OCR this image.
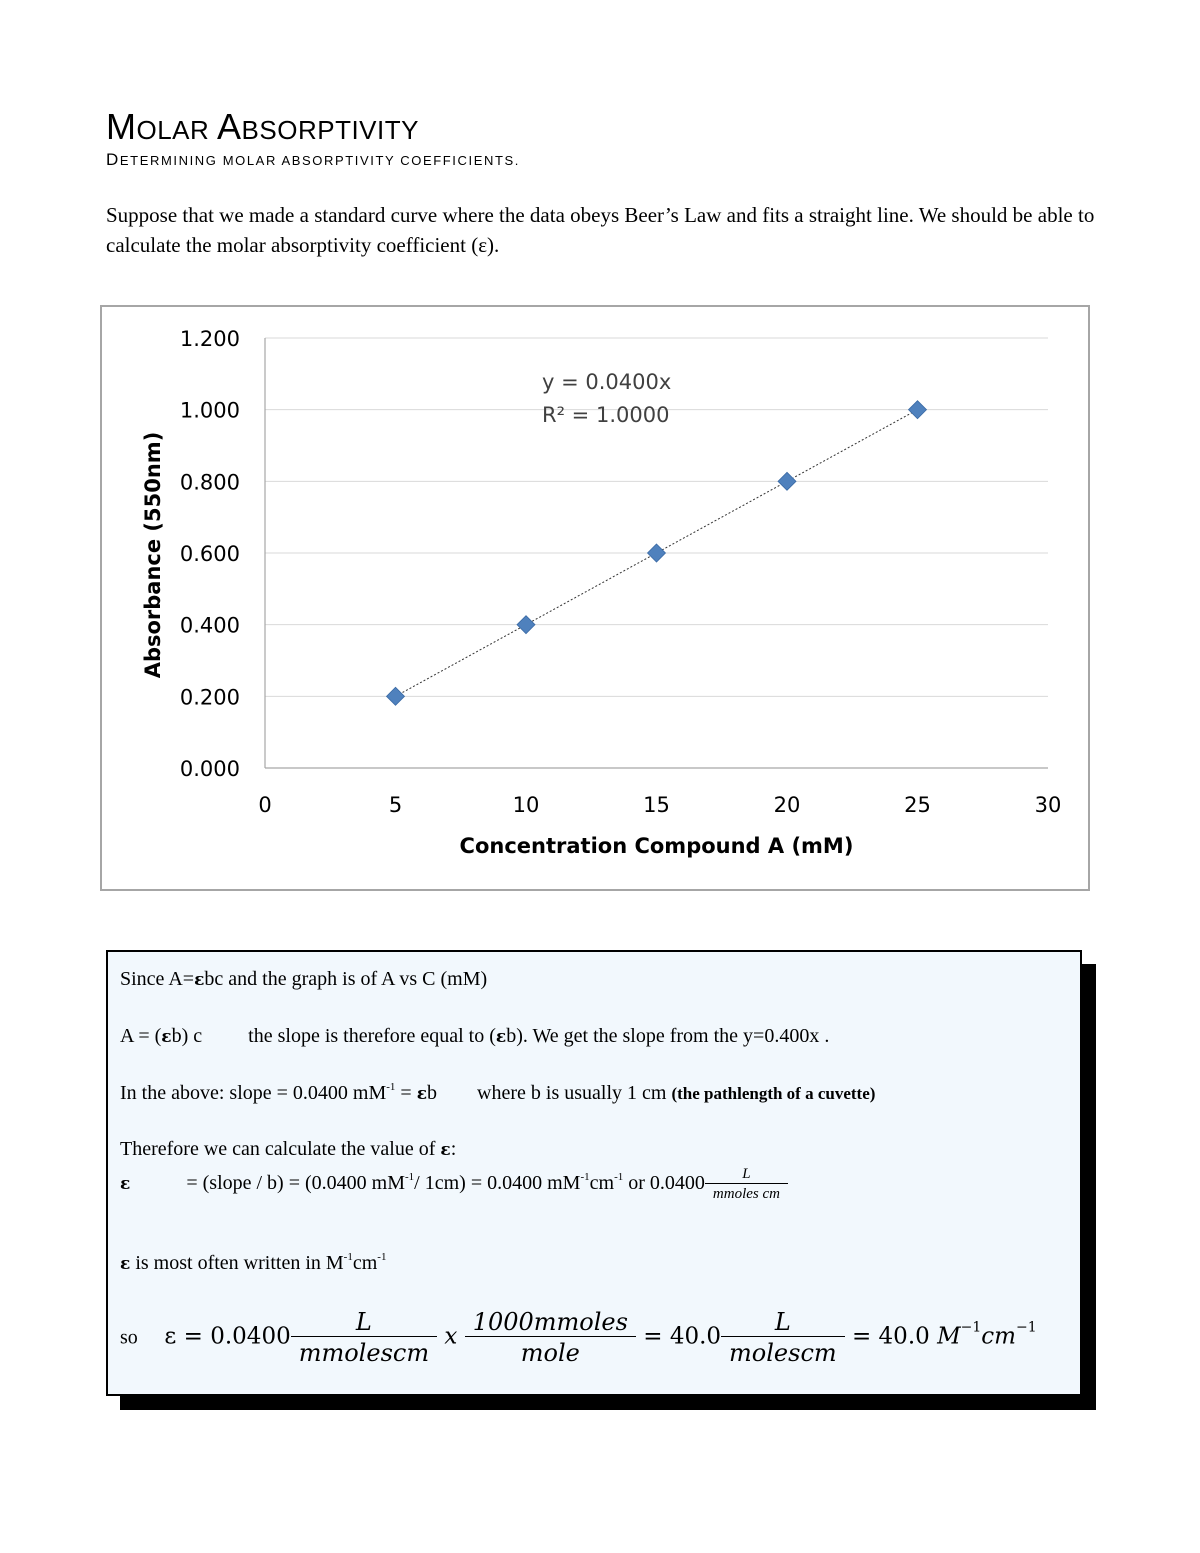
MOLAR ABSORPTIVITY
DETERMINING MOLAR ABSORPTIVITY COEFFICIENTS.
Suppose that we made a standard curve where the data obeys Beer’s Law and fits a straight line. We should be able to calculate the molar absorptivity coefficient (ε).
0.000
0.200
0.400
0.600
0.800
1.000
1.200
0	5	10	15	20	25	30
y = 0.0400x
R² = 1.0000
Concentration Compound A (mM)
Absorbance (550nm)
Since A=εbc and the graph is of A vs C (mM)
A = (εb) c the slope is therefore equal to (εb). We get the slope from the y=0.400x .
In the above: slope = 0.0400 $mM^{-1} = \varepsilon b$ where b is usually 1 cm (the pathlength of a cuvette)
Therefore we can calculate the value of ε:
ε	= (slope / b) = (0.0400 $mM^{-1}/$ 1cm) = 0.0400 $mM^{-1}cm^{-1}$ or $0.0400 \frac{L}{\text{mmoles cm}}$
ε is most often written in $M^{-1}cm^{-1}$
so $\varepsilon = 0.0400 \frac{L}{\text{mmolescm}}$ x $\frac{\text{1000mmoles}}{\text{mole}} = 40.0 \frac{L}{\text{molescm}} = 40.0$ $M^{-1}cm^{-1}$
